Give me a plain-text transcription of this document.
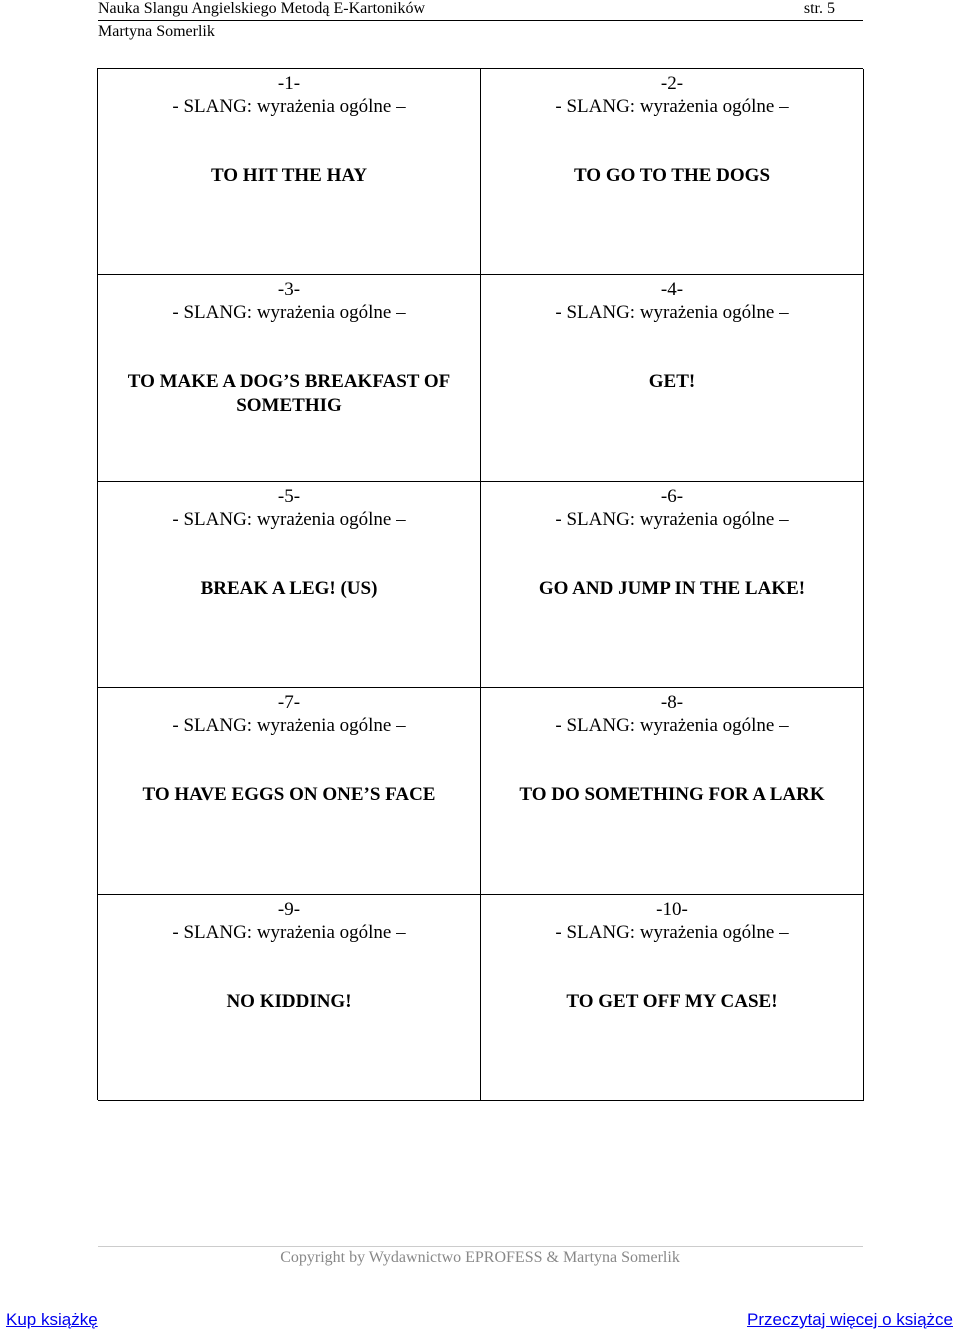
Nauka Slangu Angielskiego Metodą E-Kartoników	str. 5
Martyna Somerlik
-1-
- SLANG: wyrażenia ogólne –
TO HIT THE HAY
-2-
- SLANG: wyrażenia ogólne –
TO GO TO THE DOGS
-3-
- SLANG: wyrażenia ogólne –
TO MAKE A DOG’S BREAKFAST OF SOMETHIG
-4-
- SLANG: wyrażenia ogólne –
GET!
-5-
- SLANG: wyrażenia ogólne –
BREAK A LEG! (US)
-6-
- SLANG: wyrażenia ogólne –
GO AND JUMP IN THE LAKE!
-7-
- SLANG: wyrażenia ogólne –
TO HAVE EGGS ON ONE’S FACE
-8-
- SLANG: wyrażenia ogólne –
TO DO SOMETHING FOR A LARK
-9-
- SLANG: wyrażenia ogólne –
NO KIDDING!
-10-
- SLANG: wyrażenia ogólne –
TO GET OFF MY CASE!
Copyright by Wydawnictwo EPROFESS & Martyna Somerlik
Kup książkę	Przeczytaj więcej o książce
